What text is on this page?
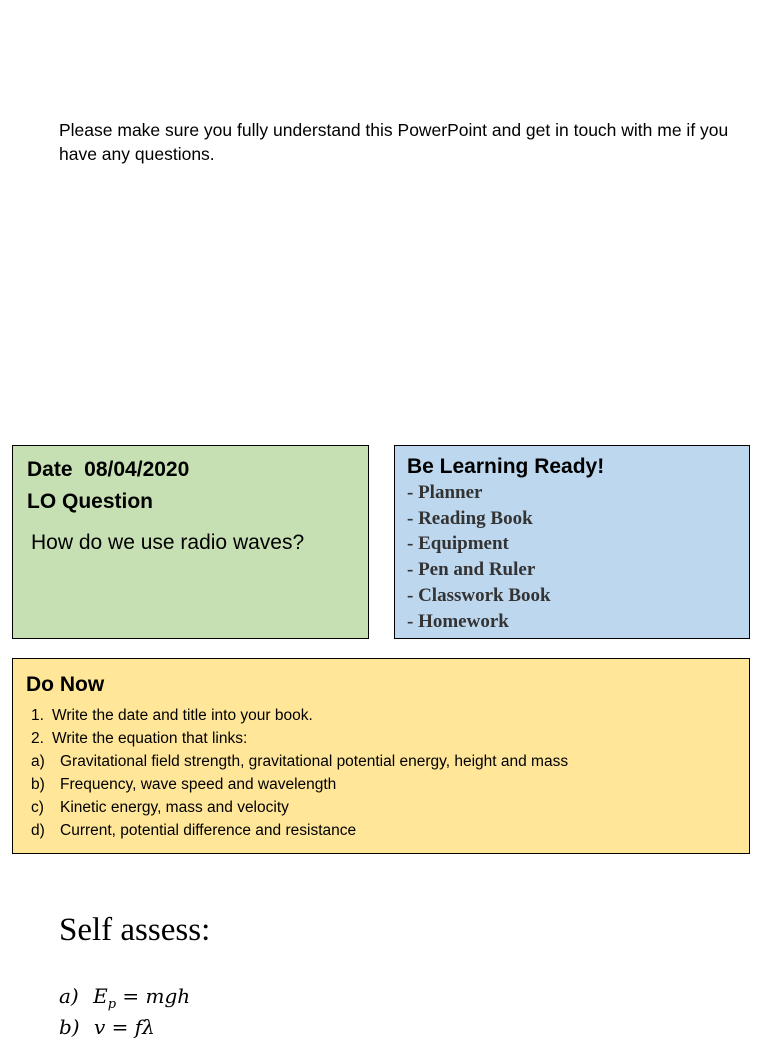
Please make sure you fully understand this PowerPoint and get in touch with me if you have any questions.
Date  08/04/2020
LO Question
How do we use radio waves?
Be Learning Ready!
- Planner
- Reading Book
- Equipment
- Pen and Ruler
- Classwork Book
- Homework
Do Now
1. Write the date and title into your book.
2. Write the equation that links:
a) Gravitational field strength, gravitational potential energy, height and mass
b) Frequency, wave speed and wavelength
c)	Kinetic energy, mass and velocity
d) Current, potential difference and resistance
Self assess:
a) $E_p$ = mgh
b) v = fλ
